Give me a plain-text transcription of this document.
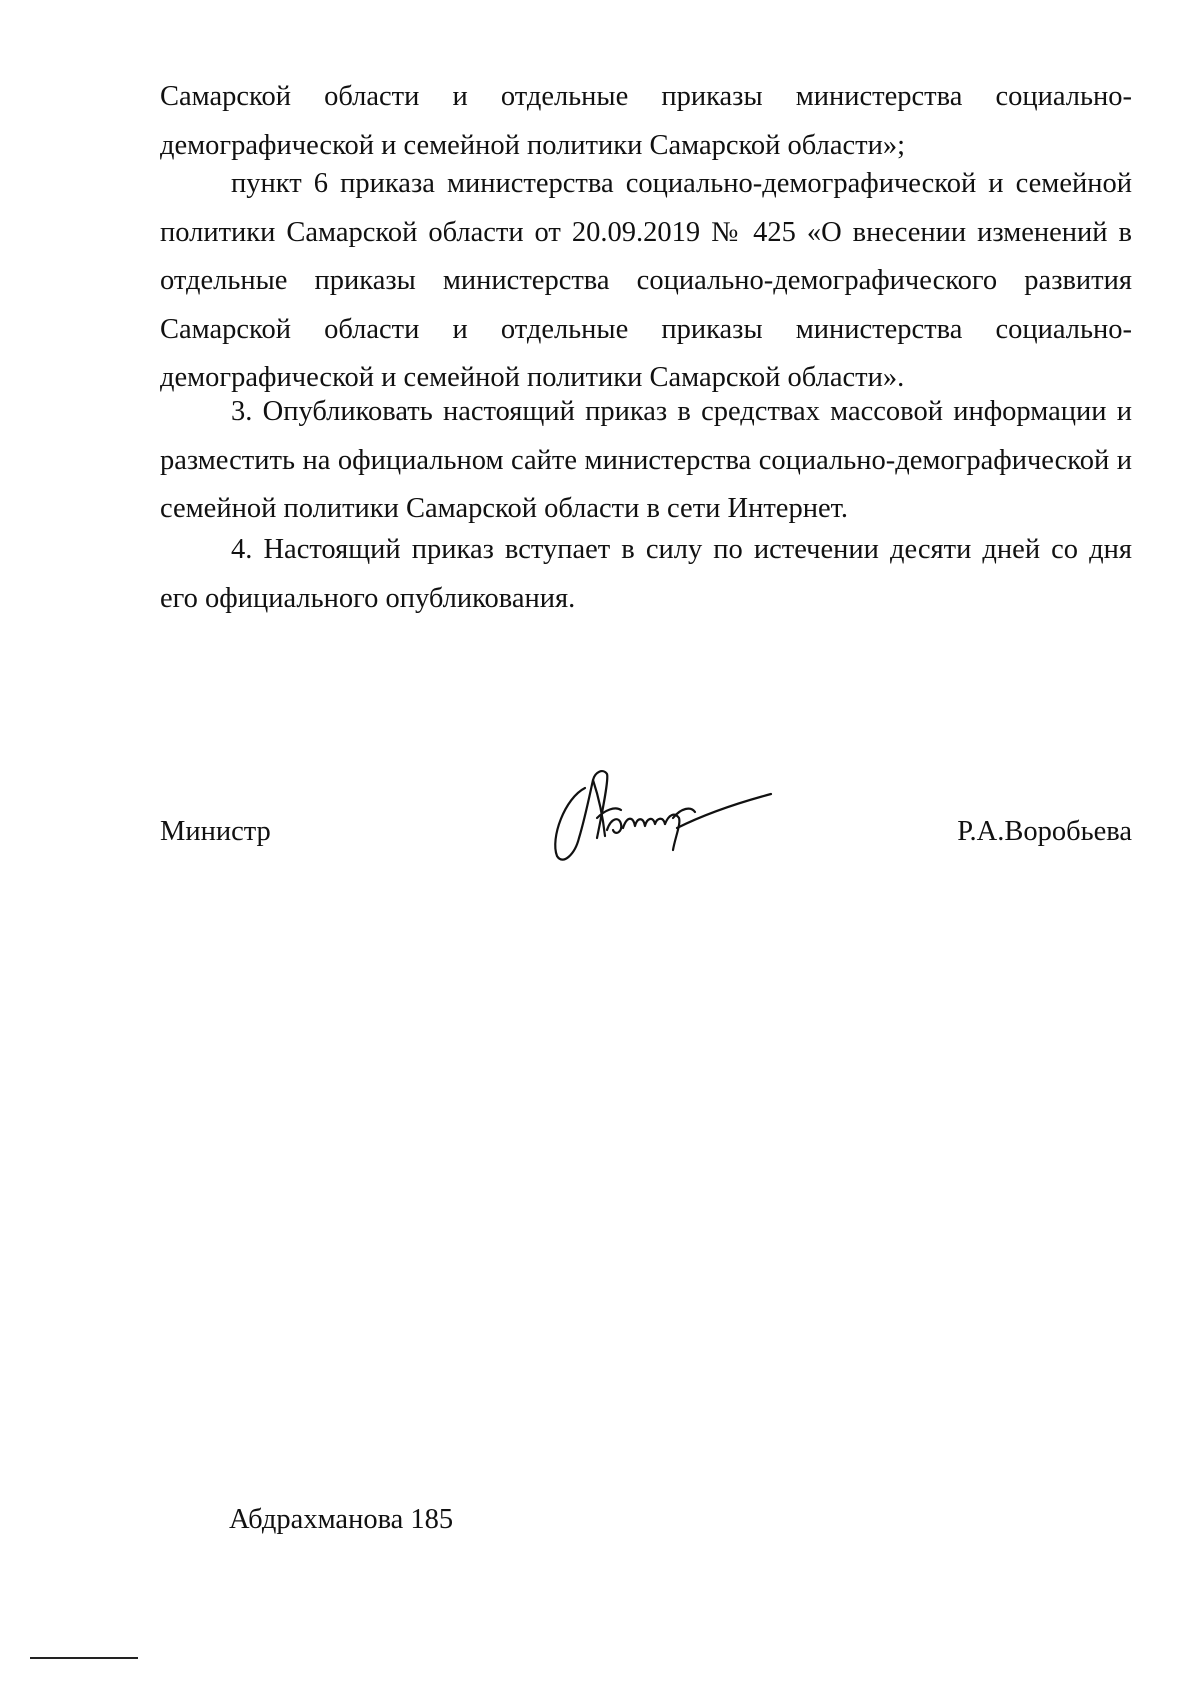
Самарской области и отдельные приказы министерства социально-демографической и семейной политики Самарской области»;

пункт 6 приказа министерства социально-демографической и семейной политики Самарской области от 20.09.2019 № 425 «О внесении изменений в отдельные приказы министерства социально-демографического развития Самарской области и отдельные приказы министерства социально-демографической и семейной политики Самарской области».

3. Опубликовать настоящий приказ в средствах массовой информации и разместить на официальном сайте министерства социально-демографической и семейной политики Самарской области в сети Интернет.

4. Настоящий приказ вступает в силу по истечении десяти дней со дня его официального опубликования.

Министр	Р.А.Воробьева
Абдрахманова 185
